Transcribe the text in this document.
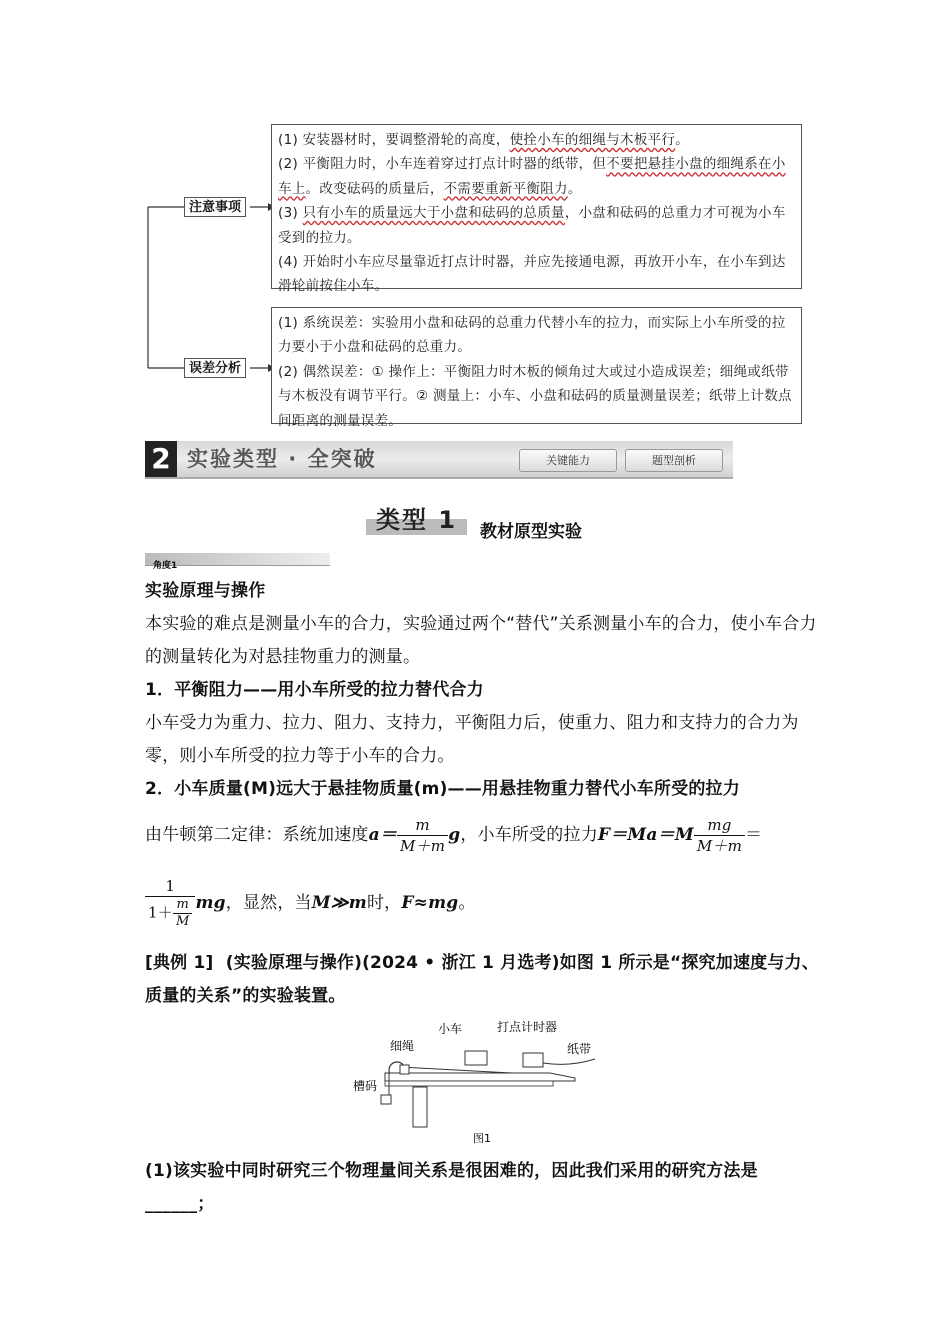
注意事项
误差分析

(1) 安装器材时，要调整滑轮的高度，使拴小车的细绳与木板平行。

(2) 平衡阻力时，小车连着穿过打点计时器的纸带，但不要把悬挂小盘的细绳系在小车上。改变砝码的质量后，不需要重新平衡阻力。

(3) 只有小车的质量远大于小盘和砝码的总质量，小盘和砝码的总重力才可视为小车受到的拉力。

(4) 开始时小车应尽量靠近打点计时器，并应先接通电源，再放开小车，在小车到达滑轮前按住小车。

(1) 系统误差：实验用小盘和砝码的总重力代替小车的拉力，而实际上小车所受的拉力要小于小盘和砝码的总重力。

(2) 偶然误差：① 操作上：平衡阻力时木板的倾角过大或过小造成误差；细绳或纸带与木板没有调节平行。② 测量上：小车、小盘和砝码的质量测量误差；纸带上计数点间距离的测量误差。

2 实验类型 · 全突破	关键能力	题型剖析
类型 1	教材原型实验
角度1
实验原理与操作
本实验的难点是测量小车的合力，实验通过两个“替代”关系测量小车的合力，使小车合力的测量转化为对悬挂物重力的测量。
1．平衡阻力——用小车所受的拉力替代合力
小车受力为重力、拉力、阻力、支持力，平衡阻力后，使重力、阻力和支持力的合力为零，则小车所受的拉力等于小车的合力。
2．小车质量(M)远大于悬挂物质量(m)——用悬挂物重力替代小车所受的拉力
由牛顿第二定律：系统加速度$a= \frac{m}{M+m}$ g，小车所受的拉力$F=Ma=M \frac{mg}{M+m}$ ＝
$\frac{1}{1+ \frac{m}{M}}$ mg，显然，当M≫m时，F≈mg。
[典例 1] (实验原理与操作)(2024 • 浙江 1 月选考)如图 1 所示是“探究加速度与力、质量的关系”的实验装置。
细绳
小车	打点计时器
纸带
槽码
图1
(1)该实验中同时研究三个物理量间关系是很困难的，因此我们采用的研究方法是______；
